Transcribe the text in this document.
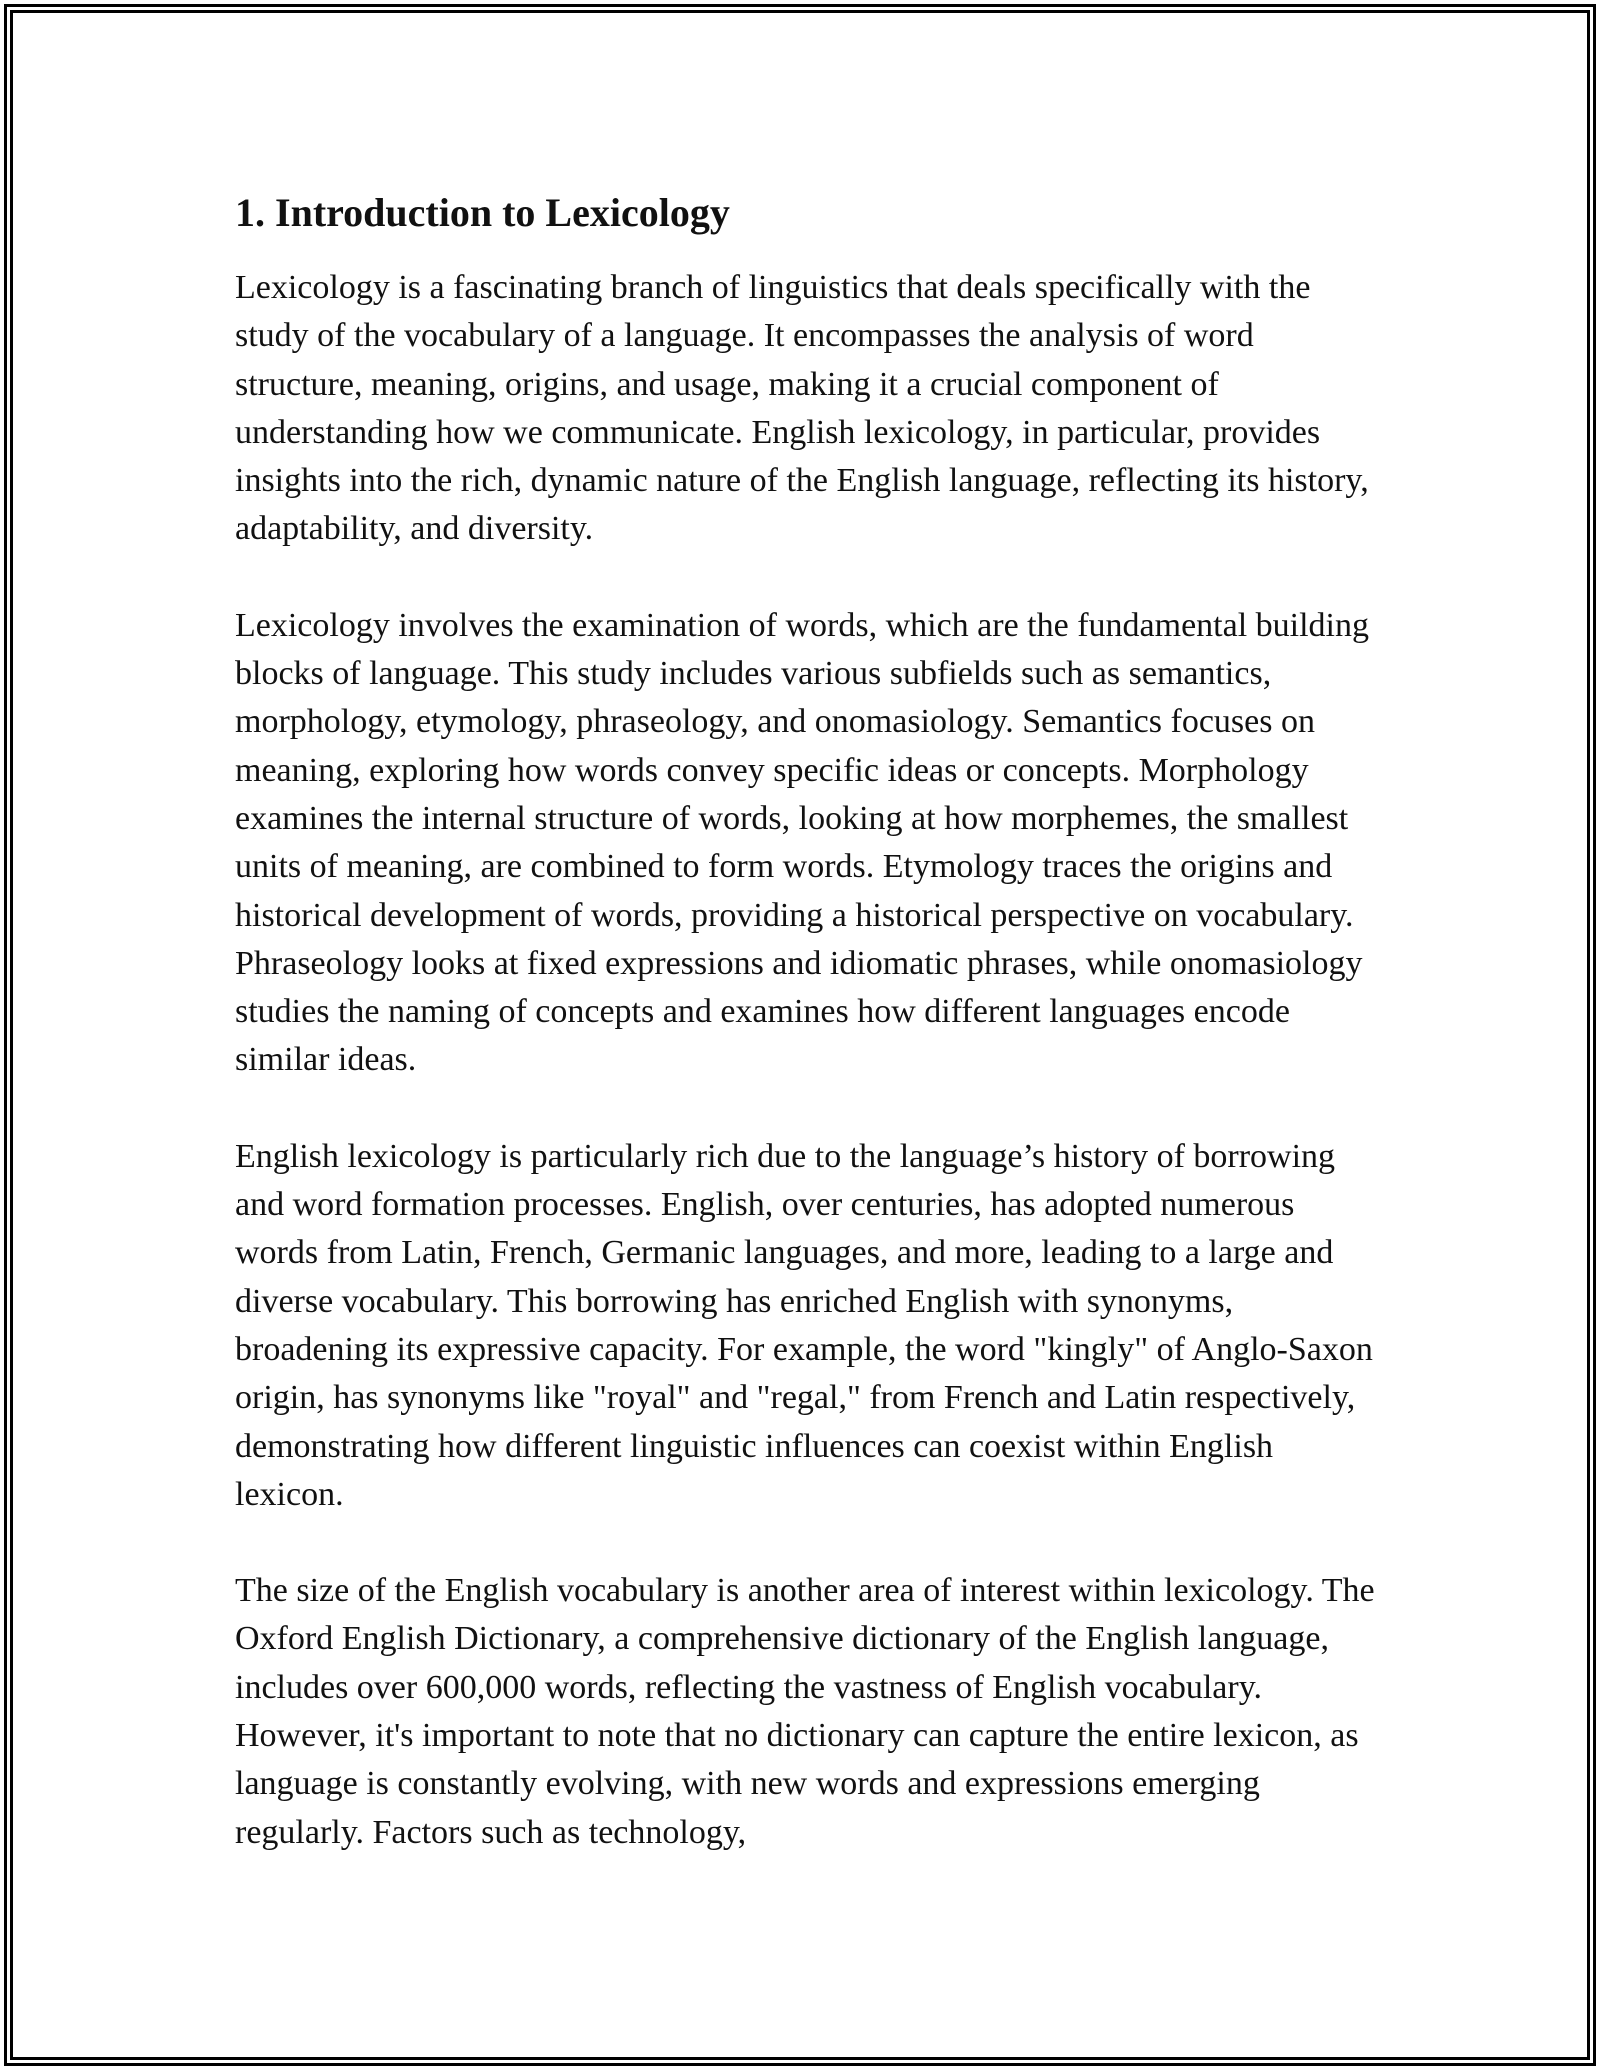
1. Introduction to Lexicology

Lexicology is a fascinating branch of linguistics that deals specifically with the study of the vocabulary of a language. It encompasses the analysis of word structure, meaning, origins, and usage, making it a crucial component of understanding how we communicate. English lexicology, in particular, provides insights into the rich, dynamic nature of the English language, reflecting its history, adaptability, and diversity.

Lexicology involves the examination of words, which are the fundamental building blocks of language. This study includes various subfields such as semantics, morphology, etymology, phraseology, and onomasiology. Semantics focuses on meaning, exploring how words convey specific ideas or concepts. Morphology examines the internal structure of words, looking at how morphemes, the smallest units of meaning, are combined to form words. Etymology traces the origins and historical development of words, providing a historical perspective on vocabulary. Phraseology looks at fixed expressions and idiomatic phrases, while onomasiology studies the naming of concepts and examines how different languages encode similar ideas.

English lexicology is particularly rich due to the language’s history of borrowing and word formation processes. English, over centuries, has adopted numerous words from Latin, French, Germanic languages, and more, leading to a large and diverse vocabulary. This borrowing has enriched English with synonyms, broadening its expressive capacity. For example, the word "kingly" of Anglo-Saxon origin, has synonyms like "royal" and "regal," from French and Latin respectively, demonstrating how different linguistic influences can coexist within English lexicon.

The size of the English vocabulary is another area of interest within lexicology. The Oxford English Dictionary, a comprehensive dictionary of the English language, includes over 600,000 words, reflecting the vastness of English vocabulary. However, it's important to note that no dictionary can capture the entire lexicon, as language is constantly evolving, with new words and expressions emerging regularly. Factors such as technology,
